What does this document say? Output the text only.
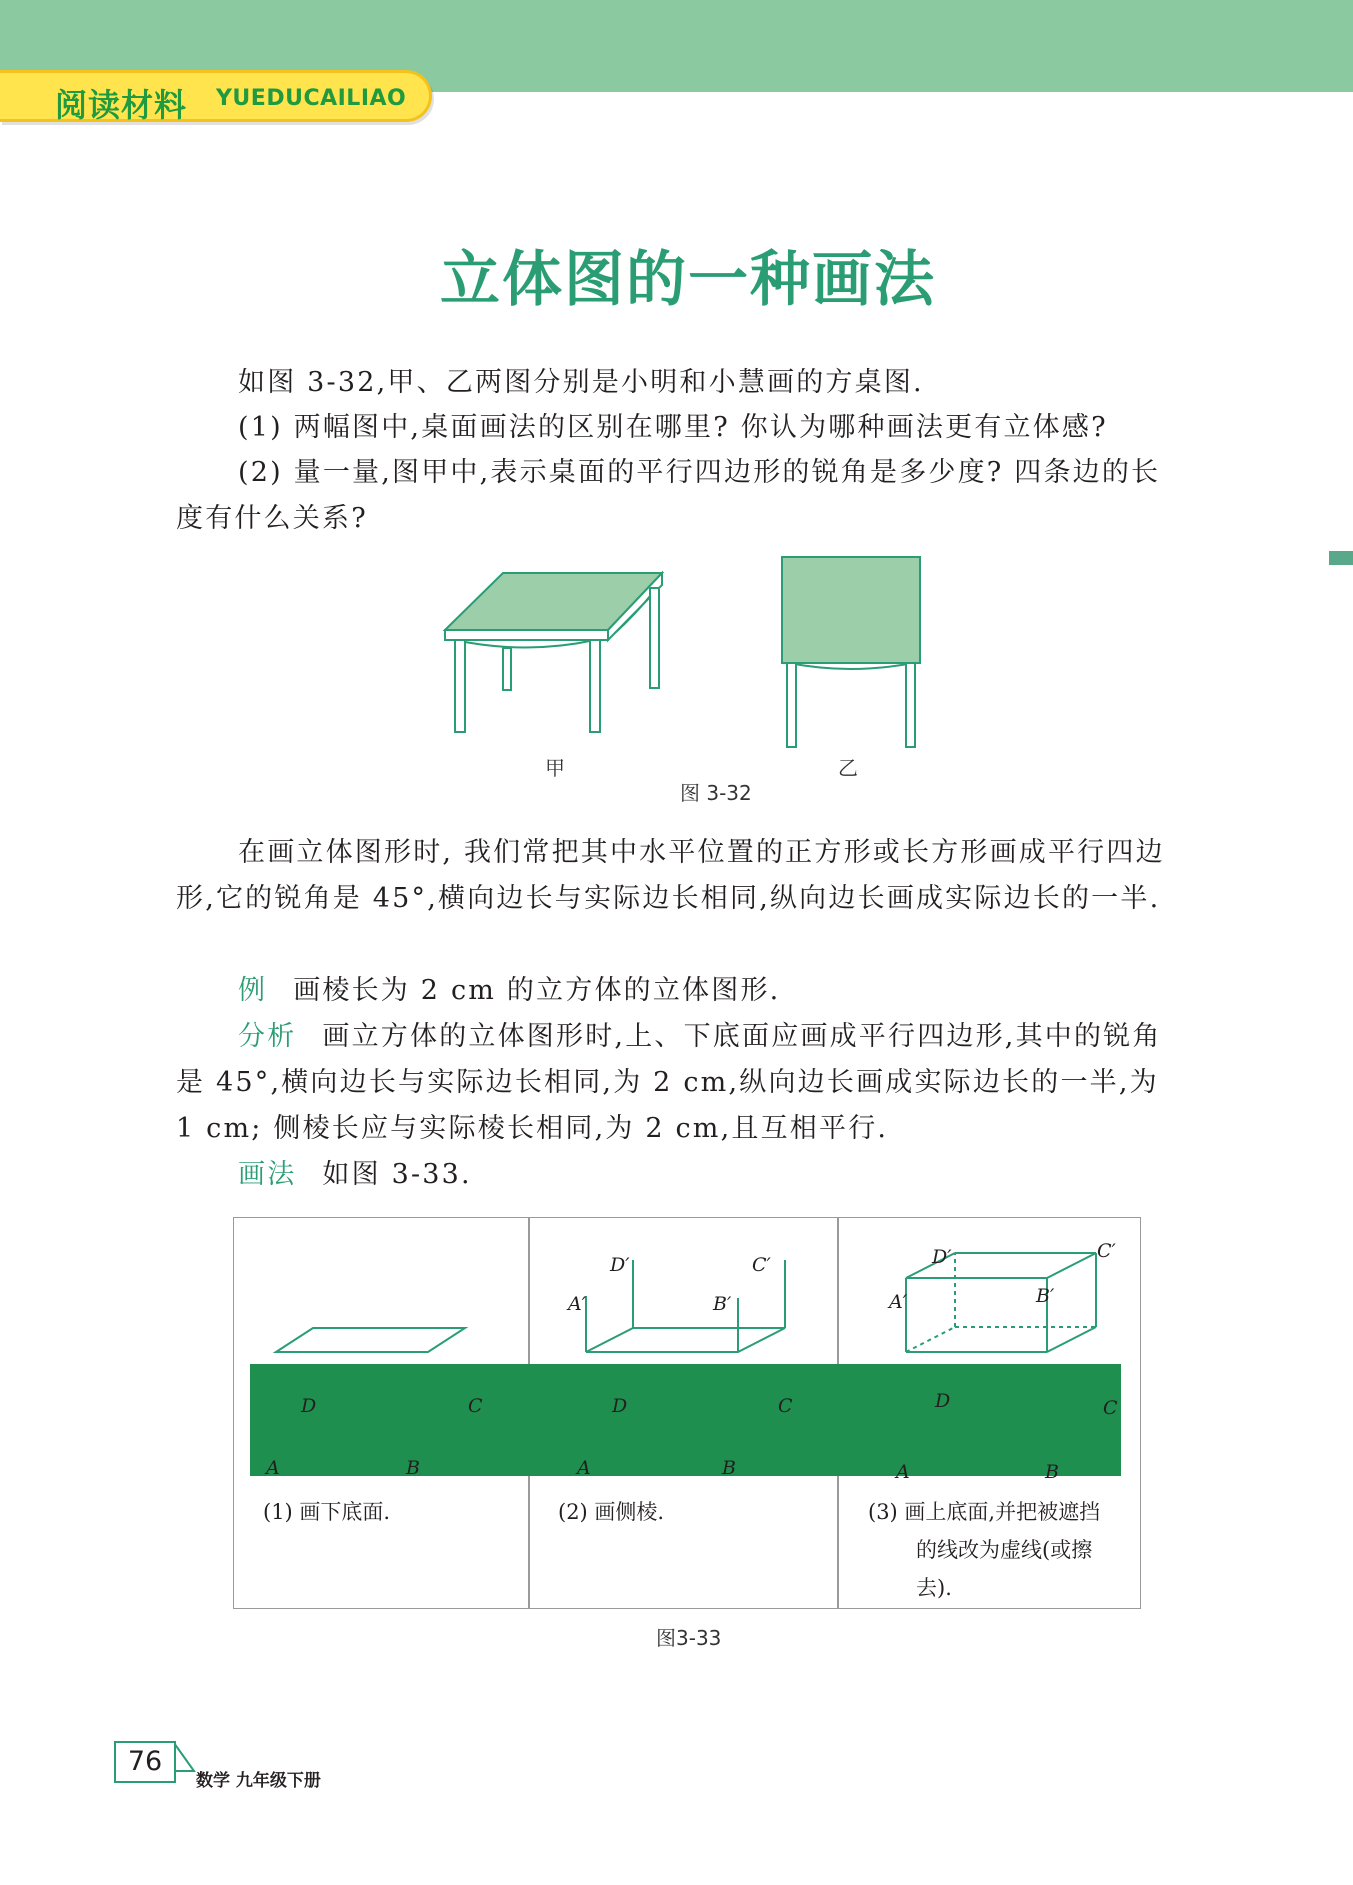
阅读材料 YUEDUCAILIAO
立体图的一种画法
如图 3-32,甲、乙两图分别是小明和小慧画的方桌图.
(1) 两幅图中,桌面画法的区别在哪里? 你认为哪种画法更有立体感?
(2) 量一量,图甲中,表示桌面的平行四边形的锐角是多少度? 四条边的长度有什么关系?
甲	乙
图 3-32
在画立体图形时, 我们常把其中水平位置的正方形或长方形画成平行四边形,它的锐角是 45°,横向边长与实际边长相同,纵向边长画成实际边长的一半.
例 画棱长为 2 cm 的立方体的立体图形.
分析 画立方体的立体图形时,上、下底面应画成平行四边形,其中的锐角是 45°,横向边长与实际边长相同,为 2 cm,纵向边长画成实际边长的一半,为 1 cm; 侧棱长应与实际棱长相同,为 2 cm,且互相平行.
画法 如图 3-33.
D	C
A	B
D	C
A	B
D′	C′
A′	B′
D	C
A	B
D′	C′
A′	B′
(1) 画下底面.	(2) 画侧棱.	(3) 画上底面,并把被遮挡的线改为虚线(或擦去).
图3-33
76
数学 九年级下册
